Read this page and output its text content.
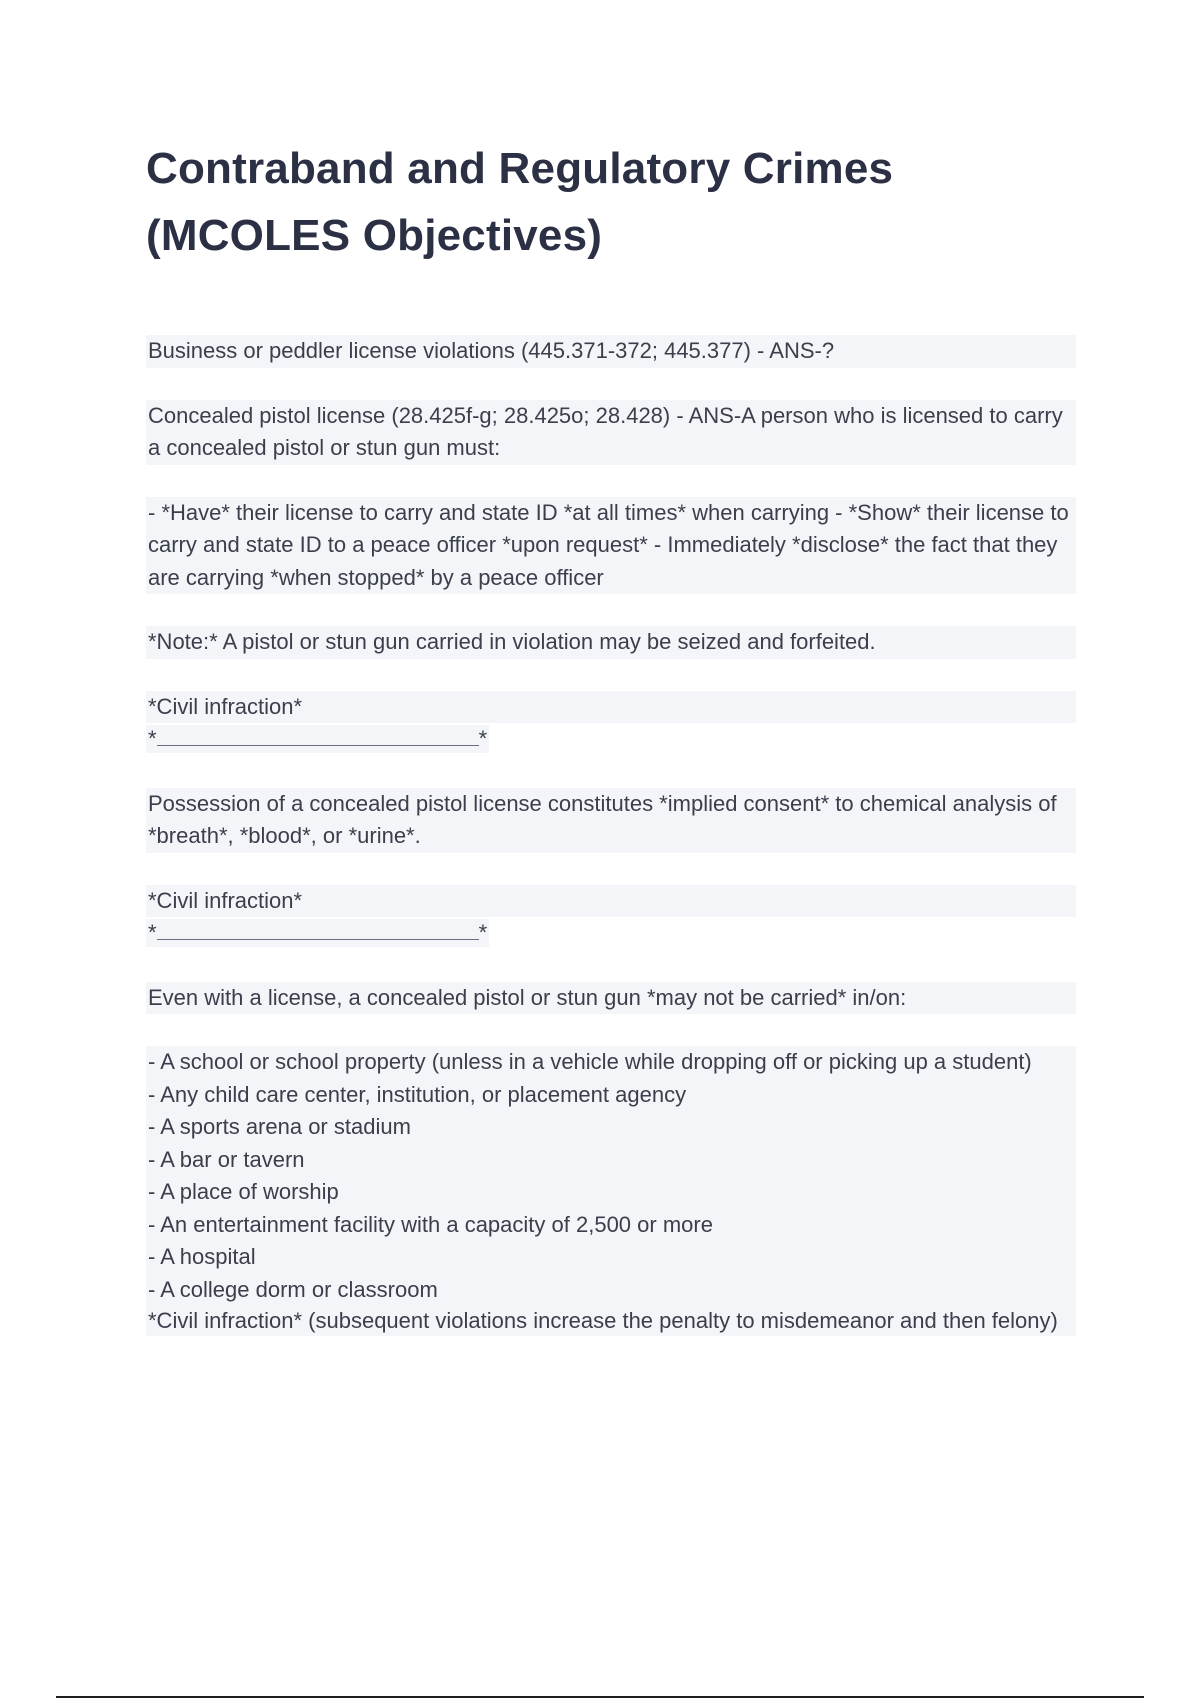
Contraband and Regulatory Crimes
(MCOLES Objectives)

Business or peddler license violations (445.371-372; 445.377) - ANS-?

Concealed pistol license (28.425f-g; 28.425o; 28.428) - ANS-A person who is licensed to carry a concealed pistol or stun gun must:

- *Have* their license to carry and state ID *at all times* when carrying - *Show* their license to carry and state ID to a peace officer *upon request* - Immediately *disclose* the fact that they are carrying *when stopped* by a peace officer

*Note:* A pistol or stun gun carried in violation may be seized and forfeited.

*Civil infraction*

*	*

Possession of a concealed pistol license constitutes *implied consent* to chemical analysis of *breath*, *blood*, or *urine*.

*Civil infraction*

*	*

Even with a license, a concealed pistol or stun gun *may not be carried* in/on:

- A school or school property (unless in a vehicle while dropping off or picking up a student)
- Any child care center, institution, or placement agency
- A sports arena or stadium
- A bar or tavern
- A place of worship
- An entertainment facility with a capacity of 2,500 or more
- A hospital
- A college dorm or classroom

*Civil infraction* (subsequent violations increase the penalty to misdemeanor and then felony)
